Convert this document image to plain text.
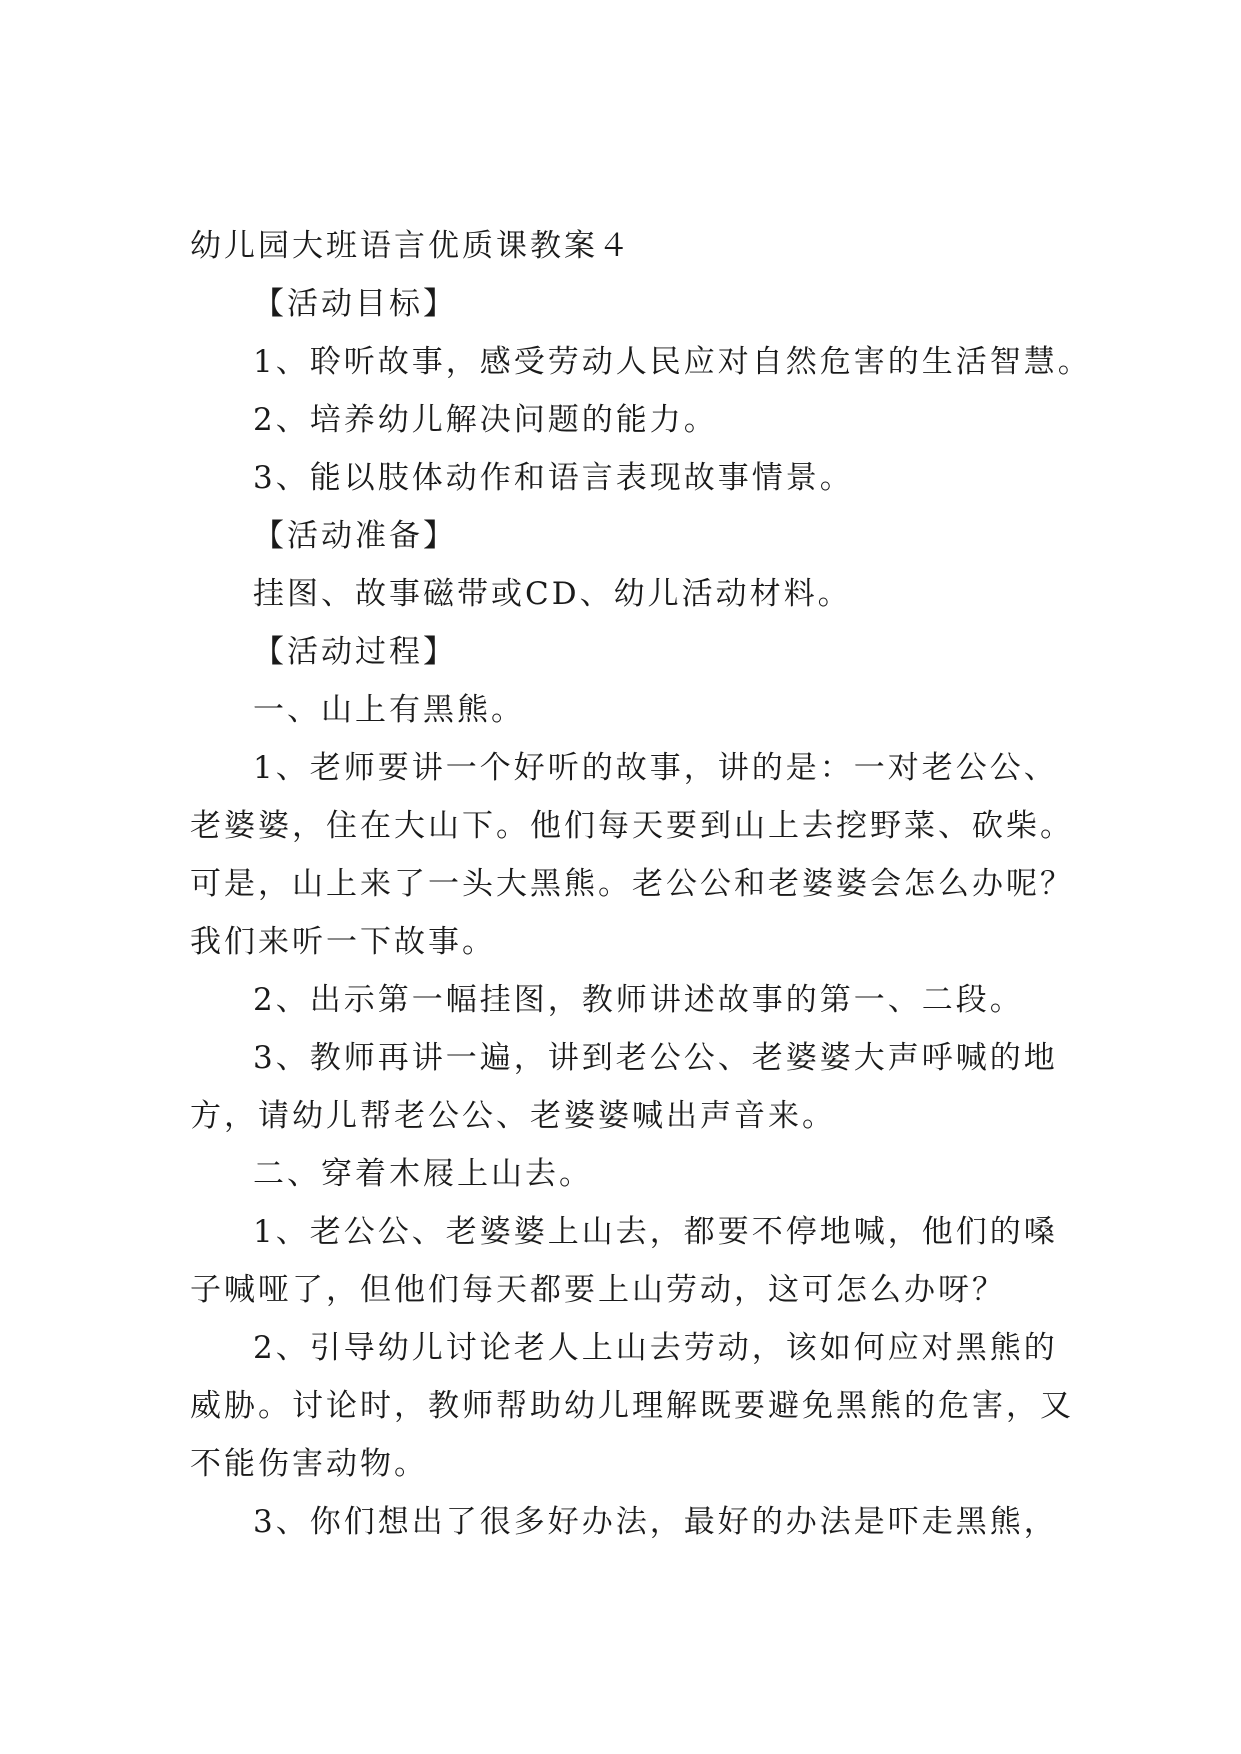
幼儿园大班语言优质课教案４
【活动目标】
1、聆听故事，感受劳动人民应对自然危害的生活智慧。
2、培养幼儿解决问题的能力。
3、能以肢体动作和语言表现故事情景。
【活动准备】
挂图、故事磁带或CD、幼儿活动材料。
【活动过程】
一、山上有黑熊。
1、老师要讲一个好听的故事，讲的是：一对老公公、
老婆婆，住在大山下。他们每天要到山上去挖野菜、砍柴。
可是，山上来了一头大黑熊。老公公和老婆婆会怎么办呢？
我们来听一下故事。
2、出示第一幅挂图，教师讲述故事的第一、二段。
3、教师再讲一遍，讲到老公公、老婆婆大声呼喊的地
方，请幼儿帮老公公、老婆婆喊出声音来。
二、穿着木屐上山去。
1、老公公、老婆婆上山去，都要不停地喊，他们的嗓
子喊哑了，但他们每天都要上山劳动，这可怎么办呀？
2、引导幼儿讨论老人上山去劳动，该如何应对黑熊的
威胁。讨论时，教师帮助幼儿理解既要避免黑熊的危害，又
不能伤害动物。
3、你们想出了很多好办法，最好的办法是吓走黑熊，
